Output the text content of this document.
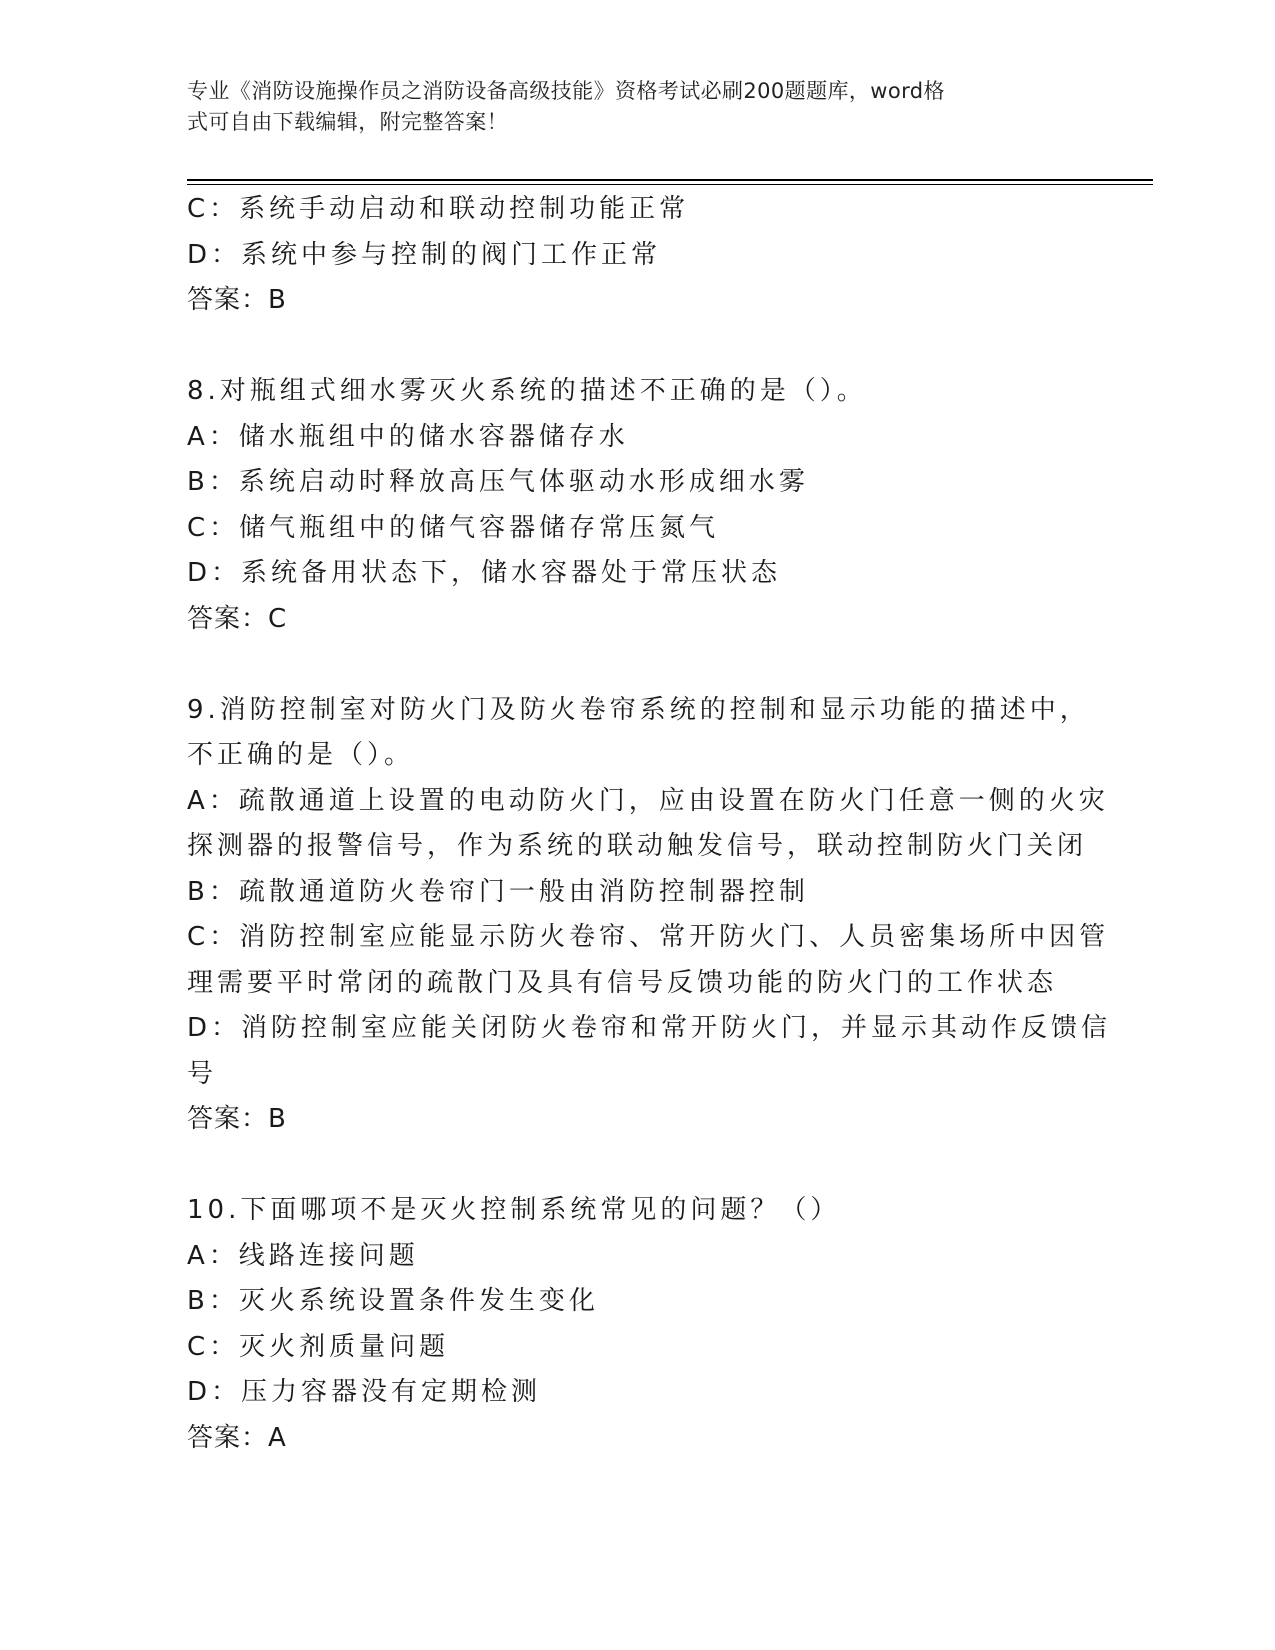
专业《消防设施操作员之消防设备高级技能》资格考试必刷200题题库，word格
式可自由下载编辑，附完整答案！
C：系统手动启动和联动控制功能正常
D：系统中参与控制的阀门工作正常
答案：B
8.对瓶组式细水雾灭火系统的描述不正确的是（）。
A：储水瓶组中的储水容器储存水
B：系统启动时释放高压气体驱动水形成细水雾
C：储气瓶组中的储气容器储存常压氮气
D：系统备用状态下，储水容器处于常压状态
答案：C
9.消防控制室对防火门及防火卷帘系统的控制和显示功能的描述中，
不正确的是（）。
A：疏散通道上设置的电动防火门，应由设置在防火门任意一侧的火灾
探测器的报警信号，作为系统的联动触发信号，联动控制防火门关闭
B：疏散通道防火卷帘门一般由消防控制器控制
C：消防控制室应能显示防火卷帘、常开防火门、人员密集场所中因管
理需要平时常闭的疏散门及具有信号反馈功能的防火门的工作状态
D：消防控制室应能关闭防火卷帘和常开防火门，并显示其动作反馈信
号
答案：B
10.下面哪项不是灭火控制系统常见的问题？（）
A：线路连接问题
B：灭火系统设置条件发生变化
C：灭火剂质量问题
D：压力容器没有定期检测
答案：A
